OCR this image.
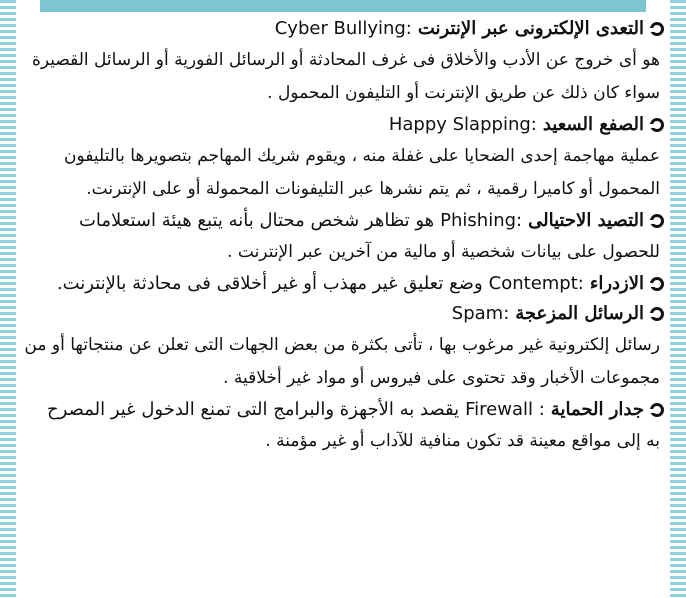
التعدى الإلكترونى عبر الإنترنت
Cyber Bullying:
هو أى خروج عن الأدب والأخلاق فى غرف المحادثة أو الرسائل الفورية أو الرسائل القصيرة سواء كان ذلك عن طريق الإنترنت أو التليفون المحمول .
الصفع السعيد
Happy Slapping:
عملية مهاجمة إحدى الضحايا على غفلة منه ، ويقوم شريك المهاجم بتصويرها بالتليفون المحمول أو كاميرا رقمية ، ثم يتم نشرها عبر التليفونات المحمولة أو على الإنترنت.
التصيد الاحتيالى
Phishing:
هو تظاهر شخص محتال بأنه يتبع هيئة استعلامات
للحصول على بيانات شخصية أو مالية من آخرين عبر الإنترنت .
الازدراء
Contempt:
وضع تعليق غير مهذب أو غير أخلاقى فى محادثة بالإنترنت.
الرسائل المزعجة
Spam:
رسائل إلكترونية غير مرغوب بها ، تأتى بكثرة من بعض الجهات التى تعلن عن منتجاتها أو من مجموعات الأخبار وقد تحتوى على فيروس أو مواد غير أخلاقية .
جدار الحماية
Firewall :
يقصد به الأجهزة والبرامج التى تمنع الدخول غير المصرح
به إلى مواقع معينة قد تكون منافية للآداب أو غير مؤمنة .
